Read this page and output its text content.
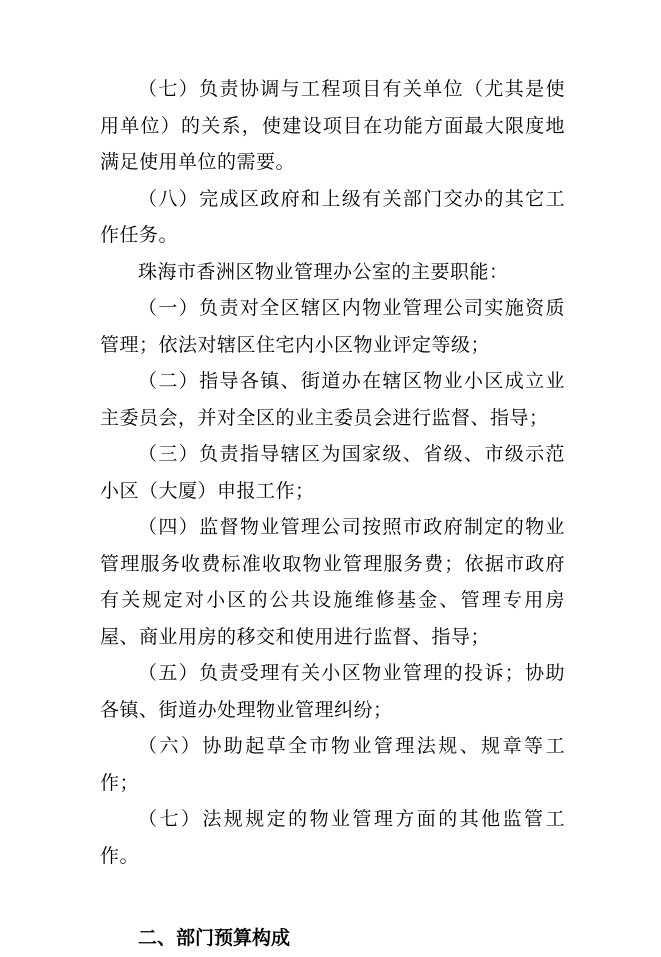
（七）负责协调与工程项目有关单位（尤其是使用单位）的关系，使建设项目在功能方面最大限度地满足使用单位的需要。

（八）完成区政府和上级有关部门交办的其它工作任务。

珠海市香洲区物业管理办公室的主要职能：

（一）负责对全区辖区内物业管理公司实施资质管理；依法对辖区住宅内小区物业评定等级；

（二）指导各镇、街道办在辖区物业小区成立业主委员会，并对全区的业主委员会进行监督、指导；

（三）负责指导辖区为国家级、省级、市级示范小区（大厦）申报工作；

（四）监督物业管理公司按照市政府制定的物业管理服务收费标准收取物业管理服务费；依据市政府有关规定对小区的公共设施维修基金、管理专用房屋、商业用房的移交和使用进行监督、指导；

（五）负责受理有关小区物业管理的投诉；协助各镇、街道办处理物业管理纠纷；

（六）协助起草全市物业管理法规、规章等工作；

（七）法规规定的物业管理方面的其他监管工作。

二、部门预算构成
